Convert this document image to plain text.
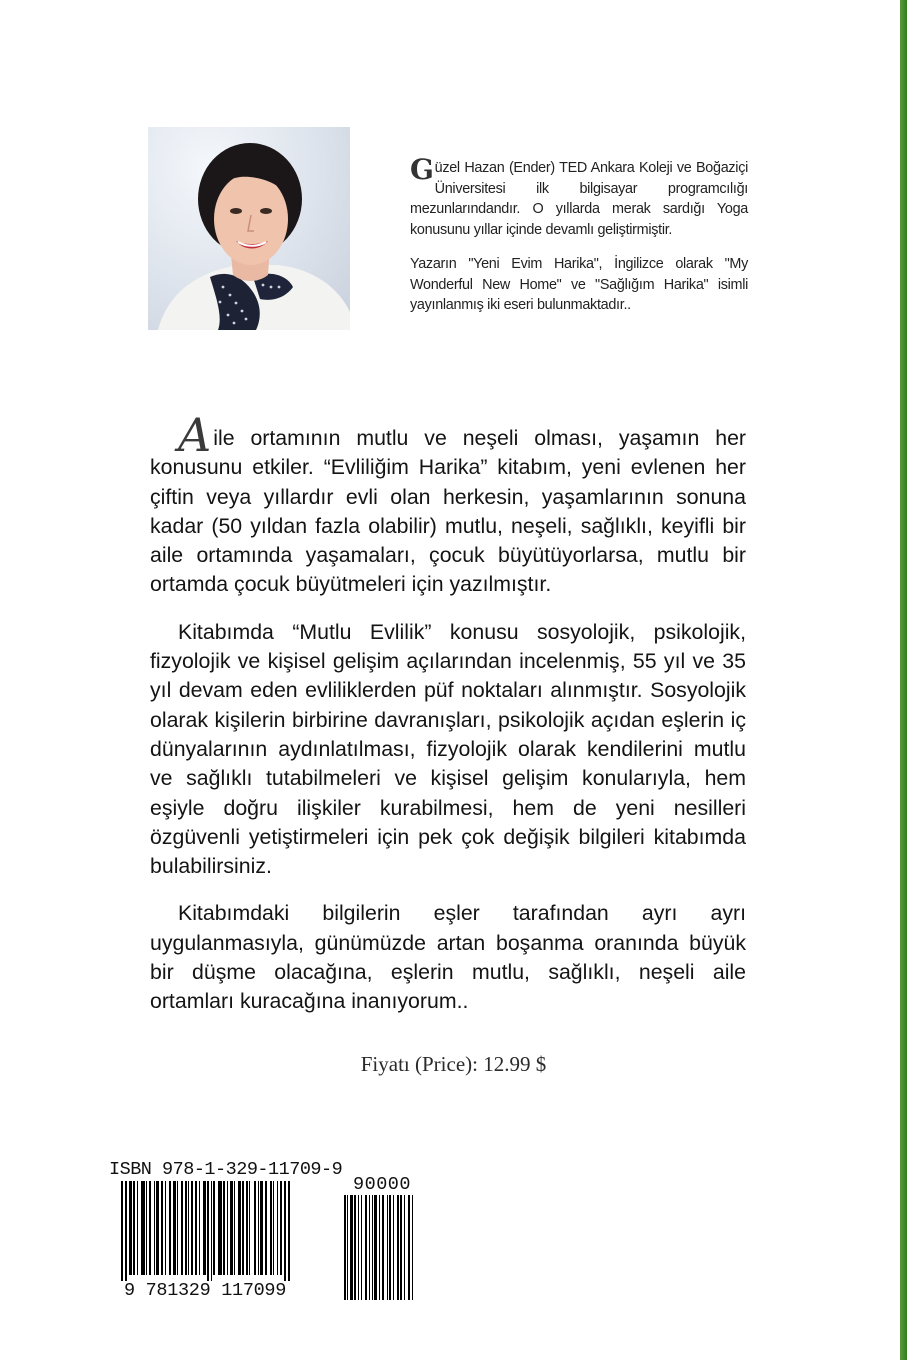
Güzel Hazan (Ender) TED Ankara Koleji ve Boğaziçi Üniversitesi ilk bilgisayar programcılığı mezunlarındandır. O yıllarda merak sardığı Yoga konusunu yıllar içinde devamlı geliştirmiştir.

Yazarın "Yeni Evim Harika", İngilizce olarak "My Wonderful New Home" ve "Sağlığım Harika" isimli yayınlanmış iki eseri bulunmaktadır..

Aile ortamının mutlu ve neşeli olması, yaşamın her konusunu etkiler. “Evliliğim Harika” kitabım, yeni evlenen her çiftin veya yıllardır evli olan herkesin, yaşamlarının sonuna kadar (50 yıldan fazla olabilir) mutlu, neşeli, sağlıklı, keyifli bir aile ortamında yaşamaları, çocuk büyütüyorlarsa, mutlu bir ortamda çocuk büyütmeleri için yazılmıştır.

Kitabımda “Mutlu Evlilik” konusu sosyolojik, psikolojik, fizyolojik ve kişisel gelişim açılarından incelenmiş, 55 yıl ve 35 yıl devam eden evliliklerden püf noktaları alınmıştır. Sosyolojik olarak kişilerin birbirine davranışları, psikolojik açıdan eşlerin iç dünyalarının aydınlatılması, fizyolojik olarak kendilerini mutlu ve sağlıklı tutabilmeleri ve kişisel gelişim konularıyla, hem eşiyle doğru ilişkiler kurabilmesi, hem de yeni nesilleri özgüvenli yetiştirmeleri için pek çok değişik bilgileri kitabımda bulabilirsiniz.

Kitabımdaki bilgilerin eşler tarafından ayrı ayrı uygulanmasıyla, günümüzde artan boşanma oranında büyük bir düşme olacağına, eşlerin mutlu, sağlıklı, neşeli aile ortamları kuracağına inanıyorum..

Fiyatı (Price): 12.99 $
ISBN 978-1-329-11709-9
90000
9 781329 117099
